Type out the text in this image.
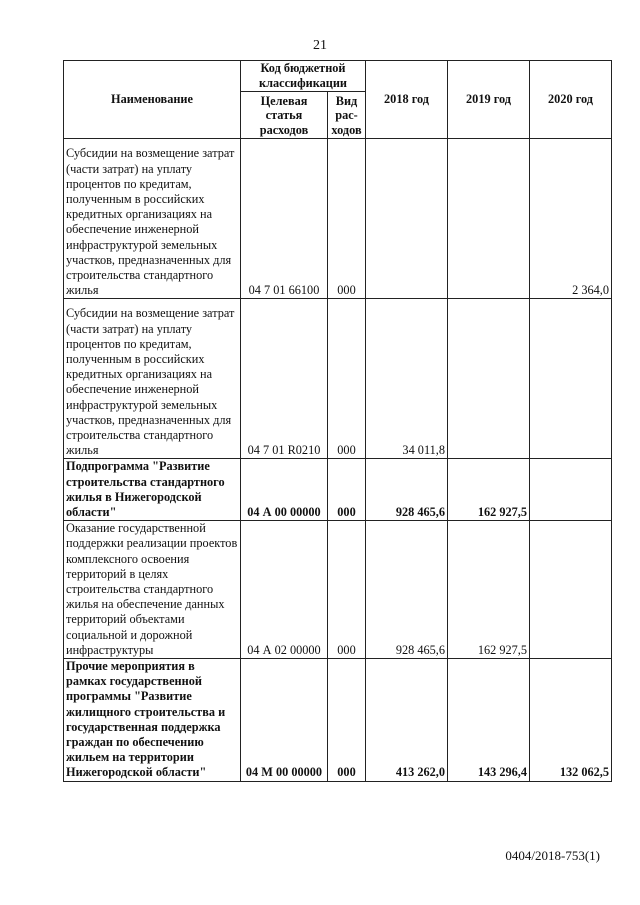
21
Наименование	Код бюджетной классификации		2018 год	2019 год	2020 год
	Целевая статья расходов	Вид рас-ходов			
Субсидии на возмещение затрат (части затрат) на уплату процентов по кредитам, полученным в российских кредитных организациях на обеспечение инженерной инфраструктурой земельных участков, предназначенных для строительства стандартного жилья	04 7 01 66100	000			2 364,0
Субсидии на возмещение затрат (части затрат) на уплату процентов по кредитам, полученным в российских кредитных организациях на обеспечение инженерной инфраструктурой земельных участков, предназначенных для строительства стандартного жилья	04 7 01 R0210	000	34 011,8		
Подпрограмма "Развитие строительства стандартного жилья в Нижегородской области"	04 А 00 00000	000	928 465,6	162 927,5	
Оказание государственной поддержки реализации проектов комплексного освоения территорий в целях строительства стандартного жилья на обеспечение данных территорий объектами социальной и дорожной инфраструктуры	04 А 02 00000	000	928 465,6	162 927,5	
Прочие мероприятия в рамках государственной программы "Развитие жилищного строительства и государственная поддержка граждан по обеспечению жильем на территории Нижегородской области"	04 М 00 00000	000	413 262,0	143 296,4	132 062,5
0404/2018-753(1)
